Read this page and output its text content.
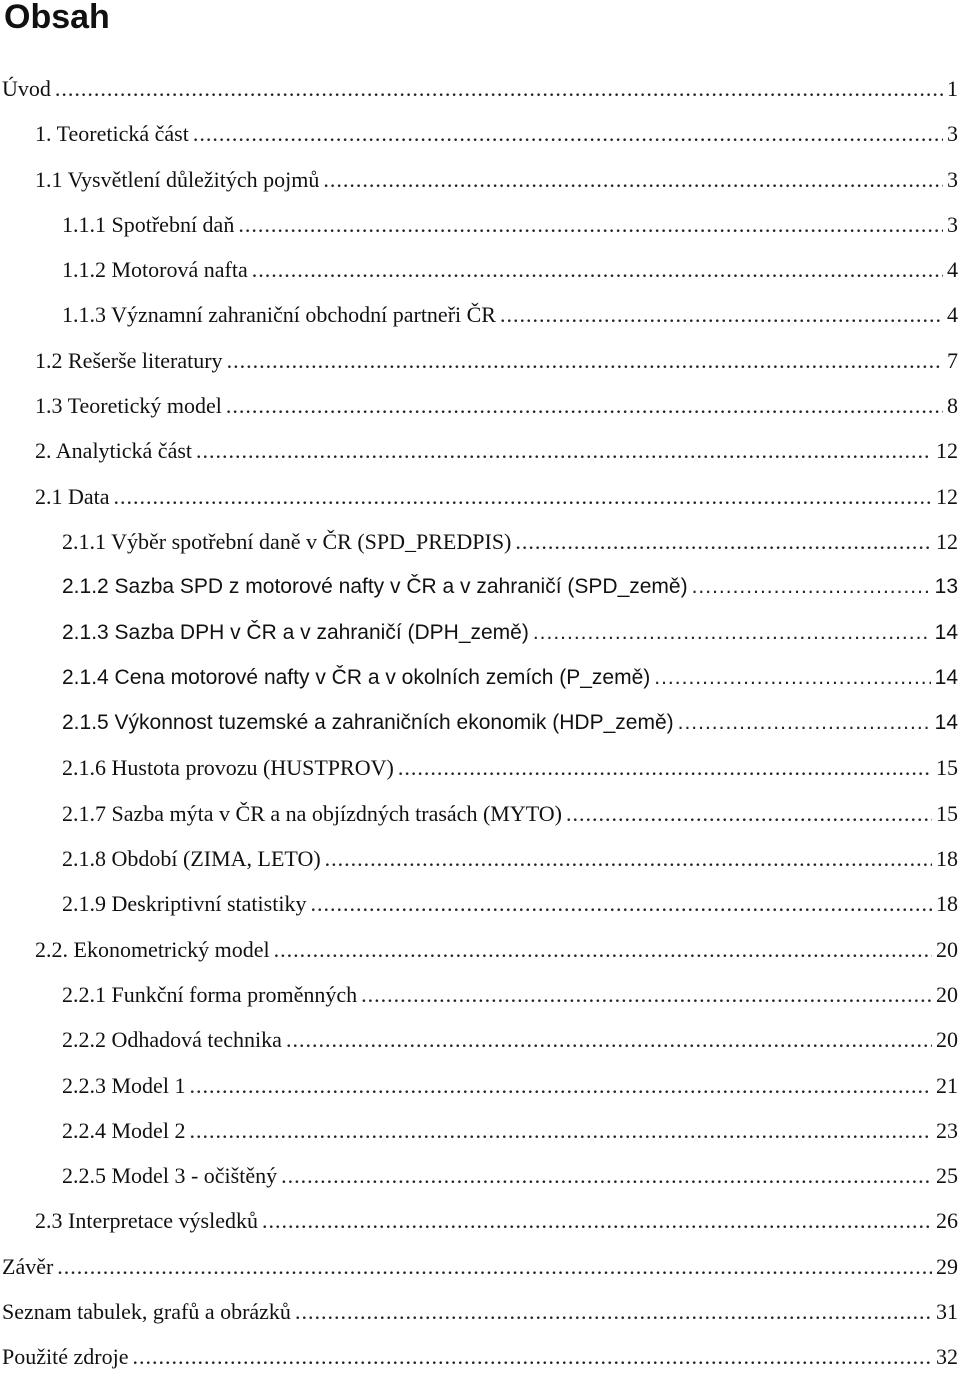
Obsah
Úvod .....	1
1. Teoretická část .....	3
1.1 Vysvětlení důležitých pojmů .....	3
1.1.1 Spotřební daň .....	3
1.1.2 Motorová nafta .....	4
1.1.3 Významní zahraniční obchodní partneři ČR .....	4
1.2 Rešerše literatury .....	7
1.3 Teoretický model .....	8
2. Analytická část .....	12
2.1 Data .....	12
2.1.1 Výběr spotřební daně v ČR (SPD_PREDPIS) .....	12
2.1.2 Sazba SPD z motorové nafty v ČR a v zahraničí (SPD_země) .....	13
2.1.3 Sazba DPH v ČR a v zahraničí (DPH_země) .....	14
2.1.4 Cena motorové nafty v ČR a v okolních zemích (P_země) .....	14
2.1.5 Výkonnost tuzemské a zahraničních ekonomik (HDP_země) .....	14
2.1.6 Hustota provozu (HUSTPROV) .....	15
2.1.7 Sazba mýta v ČR a na objízdných trasách (MYTO) .....	15
2.1.8 Období (ZIMA, LETO) .....	18
2.1.9 Deskriptivní statistiky .....	18
2.2. Ekonometrický model .....	20
2.2.1 Funkční forma proměnných .....	20
2.2.2 Odhadová technika .....	20
2.2.3 Model 1 .....	21
2.2.4 Model 2 .....	23
2.2.5 Model 3 - očištěný .....	25
2.3 Interpretace výsledků .....	26
Závěr .....	29
Seznam tabulek, grafů a obrázků .....	31
Použité zdroje .....	32
